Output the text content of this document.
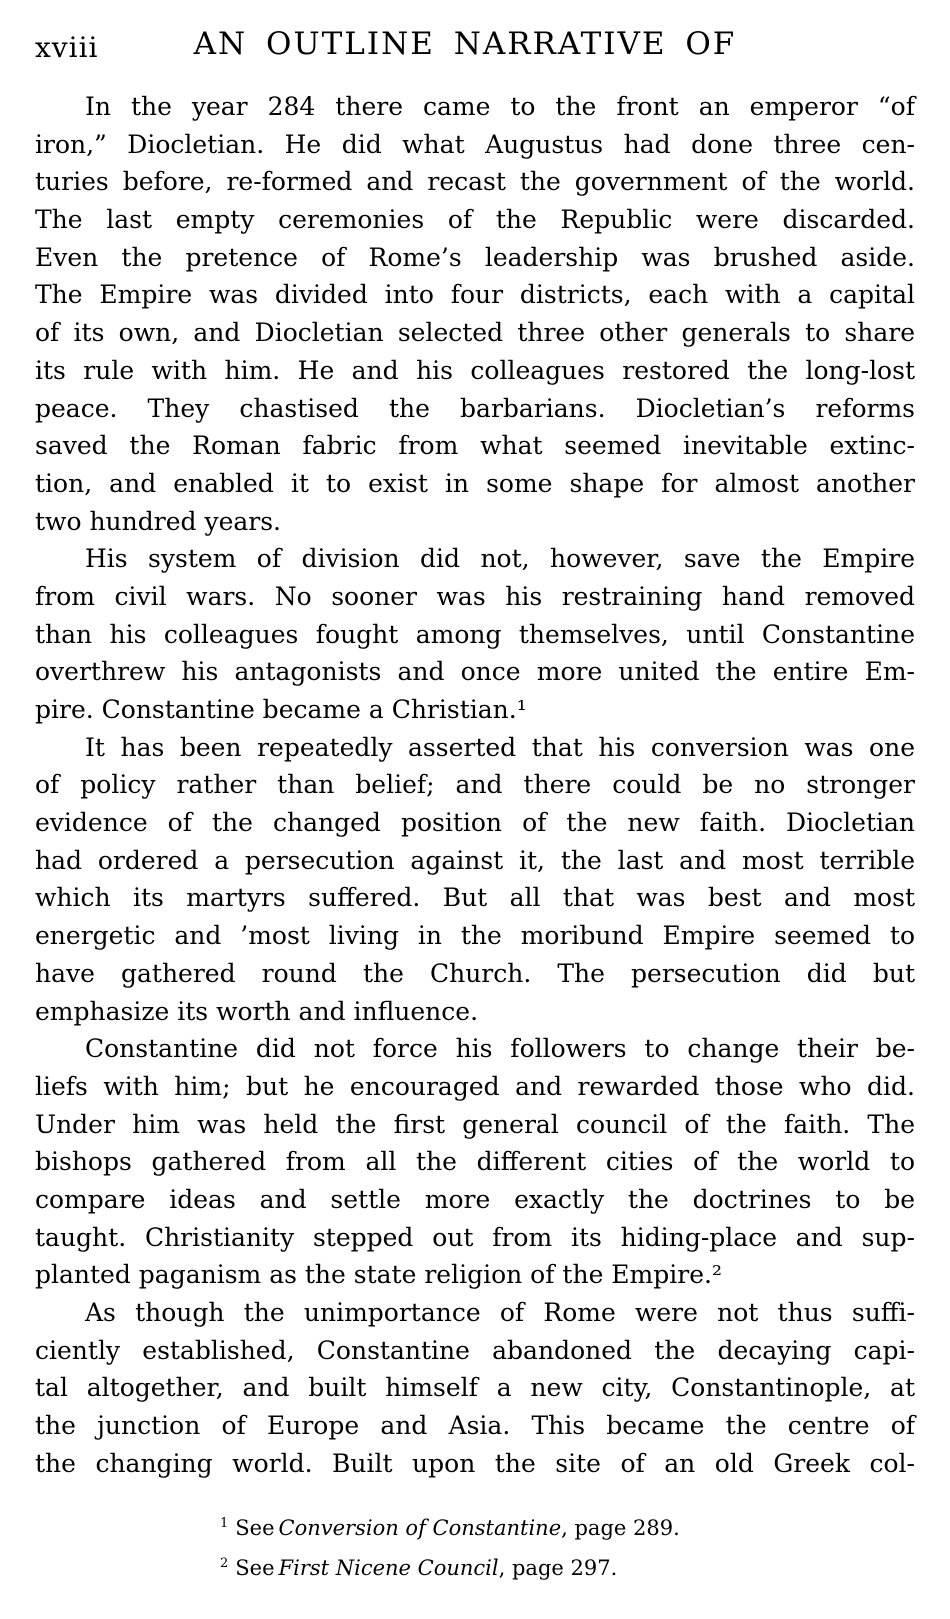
xviii	AN OUTLINE NARRATIVE OF
In the year 284 there came to the front an emperor “of
iron,” Diocletian. He did what Augustus had done three cen-
turies before, re-formed and recast the government of the world.
The last empty ceremonies of the Republic were discarded.
Even the pretence of Rome’s leadership was brushed aside.
The Empire was divided into four districts, each with a capital
of its own, and Diocletian selected three other generals to share
its rule with him. He and his colleagues restored the long-lost
peace. They chastised the barbarians. Diocletian’s reforms
saved the Roman fabric from what seemed inevitable extinc-
tion, and enabled it to exist in some shape for almost another
two hundred years.
His system of division did not, however, save the Empire
from civil wars. No sooner was his restraining hand removed
than his colleagues fought among themselves, until Constantine
overthrew his antagonists and once more united the entire Em-
pire. Constantine became a Christian.¹
It has been repeatedly asserted that his conversion was one
of policy rather than belief; and there could be no stronger
evidence of the changed position of the new faith. Diocletian
had ordered a persecution against it, the last and most terrible
which its martyrs suffered. But all that was best and most
energetic and ’most living in the moribund Empire seemed to
have gathered round the Church. The persecution did but
emphasize its worth and influence.
Constantine did not force his followers to change their be-
liefs with him; but he encouraged and rewarded those who did.
Under him was held the first general council of the faith. The
bishops gathered from all the different cities of the world to
compare ideas and settle more exactly the doctrines to be
taught. Christianity stepped out from its hiding-place and sup-
planted paganism as the state religion of the Empire.²
As though the unimportance of Rome were not thus suffi-
ciently established, Constantine abandoned the decaying capi-
tal altogether, and built himself a new city, Constantinople, at
the junction of Europe and Asia. This became the centre of
the changing world. Built upon the site of an old Greek col-
$^1$ See Conversion of Constantine, page 289.
$^2$ See First Nicene Council, page 297.
